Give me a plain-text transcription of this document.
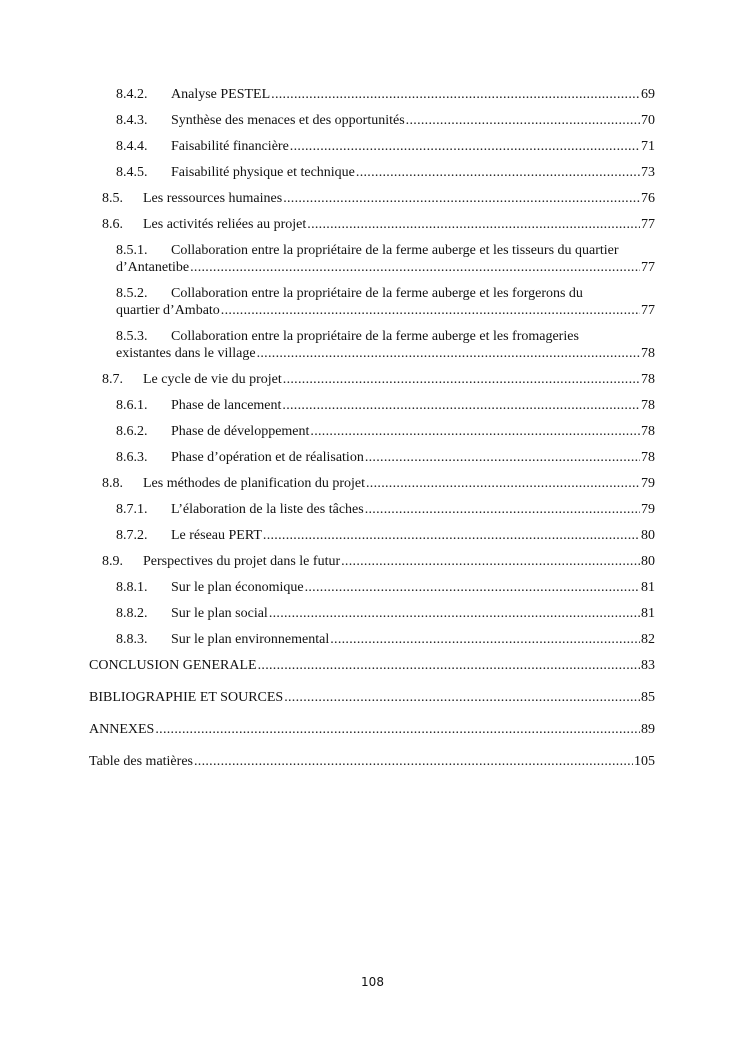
8.4.2.	Analyse PESTEL .....	69
8.4.3.	Synthèse des menaces et des opportunités .....	70
8.4.4.	Faisabilité financière .....	71
8.4.5.	Faisabilité physique et technique .....	73
8.5.	Les ressources humaines .....	76
8.6.	Les activités reliées au projet .....	77
8.5.1. Collaboration entre la propriétaire de la ferme auberge et les tisseurs du quartier
d’Antanetibe .....	77
8.5.2. Collaboration entre la propriétaire de la ferme auberge et les forgerons du
quartier d’Ambato .....	77
8.5.3. Collaboration entre la propriétaire de la ferme auberge et les fromageries
existantes dans le village .....	78
8.7.	Le cycle de vie du projet .....	78
8.6.1.	Phase de lancement .....	78
8.6.2.	Phase de développement .....	78
8.6.3.	Phase d’opération et de réalisation .....	78
8.8.	Les méthodes de planification du projet .....	79
8.7.1.	L’élaboration de la liste des tâches .....	79
8.7.2.	Le réseau PERT .....	80
8.9.	Perspectives du projet dans le futur .....	80
8.8.1.	Sur le plan économique .....	81
8.8.2.	Sur le plan social .....	81
8.8.3.	Sur le plan environnemental .....	82
CONCLUSION GENERALE .....	83
BIBLIOGRAPHIE ET SOURCES .....	85
ANNEXES .....	89
Table des matières .....	105
108
